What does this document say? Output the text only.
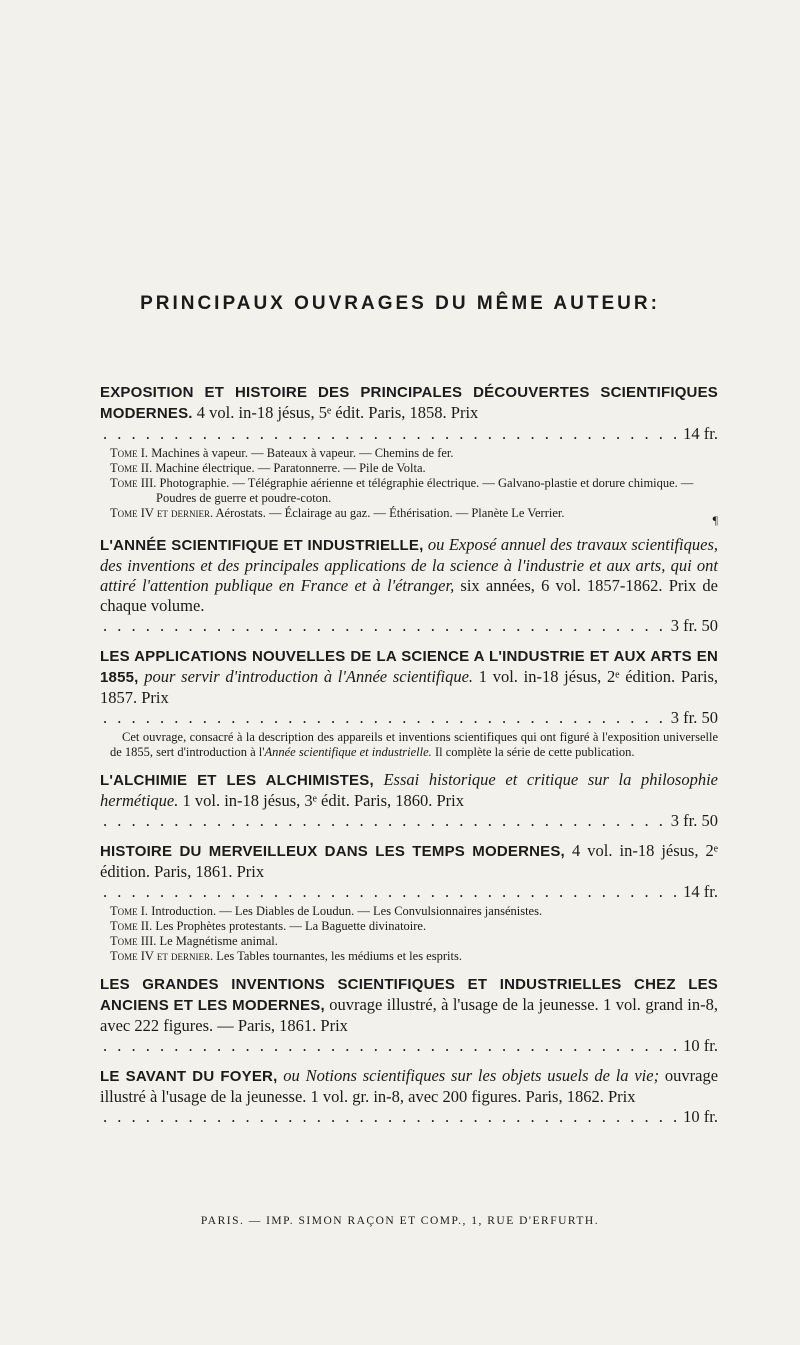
PRINCIPAUX OUVRAGES DU MÊME AUTEUR:
EXPOSITION ET HISTOIRE DES PRINCIPALES DÉCOUVERTES SCIENTIFIQUES MODERNES. 4 vol. in-18 jésus, 5ᵉ édit. Paris, 1858. Prix
. . .
14 fr.
Tome I. Machines à vapeur. — Bateaux à vapeur. — Chemins de fer.
Tome II. Machine électrique. — Paratonnerre. — Pile de Volta.
Tome III. Photographie. — Télégraphie aérienne et télégraphie électrique. — Galvano-plastie et dorure chimique. — Poudres de guerre et poudre-coton.
Tome IV et dernier. Aérostats. — Éclairage au gaz. — Éthérisation. — Planète Le Verrier.	¶
L'ANNÉE SCIENTIFIQUE ET INDUSTRIELLE, ou Exposé annuel des travaux scientifiques, des inventions et des principales applications de la science à l'industrie et aux arts, qui ont attiré l'attention publique en France et à l'étranger, six années, 6 vol. 1857-1862. Prix de chaque volume.
. . .
3 fr. 50
LES APPLICATIONS NOUVELLES DE LA SCIENCE A L'INDUSTRIE ET AUX ARTS EN 1855, pour servir d'introduction à l'Année scientifique. 1 vol. in-18 jésus, 2ᵉ édition. Paris, 1857. Prix
. . .
3 fr. 50
Cet ouvrage, consacré à la description des appareils et inventions scientifiques qui ont figuré à l'exposition universelle de 1855, sert d'introduction à l'Année scientifique et industrielle. Il complète la série de cette publication.
L'ALCHIMIE ET LES ALCHIMISTES, Essai historique et critique sur la philosophie hermétique. 1 vol. in-18 jésus, 3ᵉ édit. Paris, 1860. Prix
. . .
3 fr. 50
HISTOIRE DU MERVEILLEUX DANS LES TEMPS MODERNES, 4 vol. in-18 jésus, 2ᵉ édition. Paris, 1861. Prix
. . .
14 fr.
Tome I. Introduction. — Les Diables de Loudun. — Les Convulsionnaires jansénistes.
Tome II. Les Prophètes protestants. — La Baguette divinatoire.
Tome III. Le Magnétisme animal.
Tome IV et dernier. Les Tables tournantes, les médiums et les esprits.
LES GRANDES INVENTIONS SCIENTIFIQUES ET INDUSTRIELLES CHEZ LES ANCIENS ET LES MODERNES, ouvrage illustré, à l'usage de la jeunesse. 1 vol. grand in-8, avec 222 figures. — Paris, 1861. Prix
. . .
10 fr.
LE SAVANT DU FOYER, ou Notions scientifiques sur les objets usuels de la vie; ouvrage illustré à l'usage de la jeunesse. 1 vol. gr. in-8, avec 200 figures. Paris, 1862. Prix
. . .
10 fr.
PARIS. — IMP. SIMON RAÇON ET COMP., 1, RUE D'ERFURTH.
